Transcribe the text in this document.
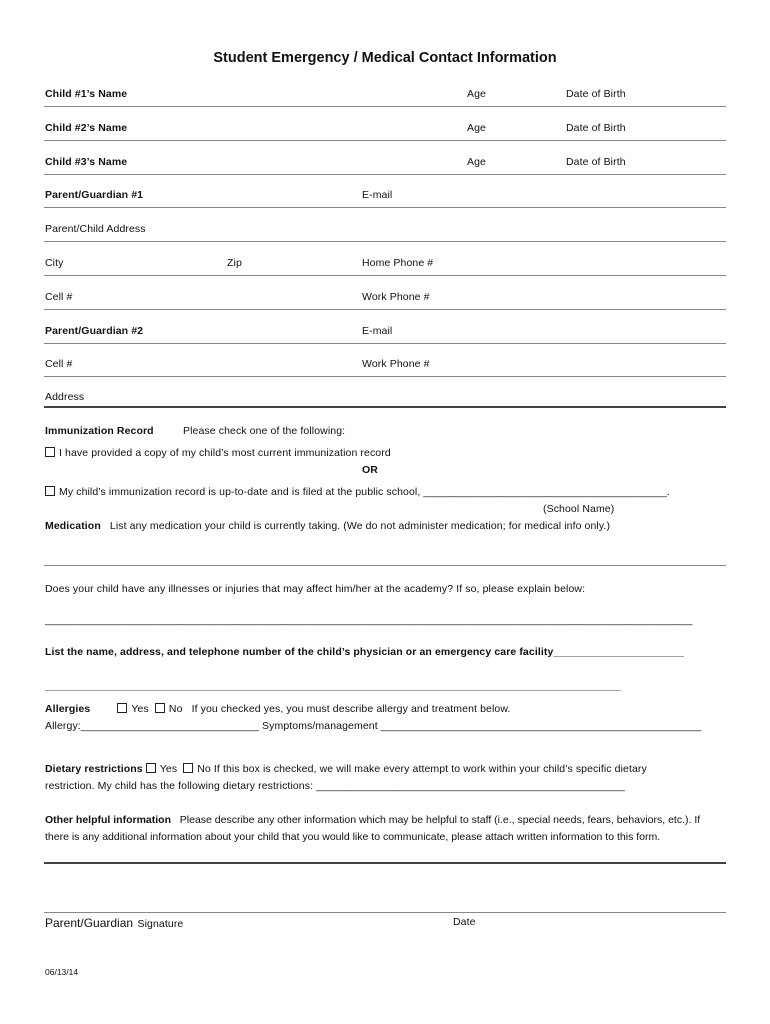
Student Emergency / Medical Contact Information
Child #1’s Name	Age	Date of Birth
Child #2’s Name	Age	Date of Birth
Child #3’s Name	Age	Date of Birth
Parent/Guardian #1	E-mail
Parent/Child Address
City	Zip	Home Phone #
Cell #	Work Phone #
Parent/Guardian #2	E-mail
Cell #	Work Phone #
Address
Immunization Record	Please check one of the following:
I have provided a copy of my child’s most current immunization record
OR
My child’s immunization record is up-to-date and is filed at the public school, _________________________________________.
(School Name)
Medication List any medication your child is currently taking. (We do not administer medication; for medical info only.)
Does your child have any illnesses or injuries that may affect him/her at the academy? If so, please explain below:
_____________________________________________________________________________________________________________
List the name, address, and telephone number of the child’s physician or an emergency care facility______________________
_________________________________________________________________________________________________
Allergies	Yes No If you checked yes, you must describe allergy and treatment below.
Allergy:______________________________ Symptoms/management ______________________________________________________
Dietary restrictions Yes No If this box is checked, we will make every attempt to work within your child’s specific dietary
restriction. My child has the following dietary restrictions: ____________________________________________________
Other helpful information Please describe any other information which may be helpful to staff (i.e., special needs, fears, behaviors, etc.). If there is any additional information about your child that you would like to communicate, please attach written information to this form.
Parent/Guardian Signature	Date
06/13/14
